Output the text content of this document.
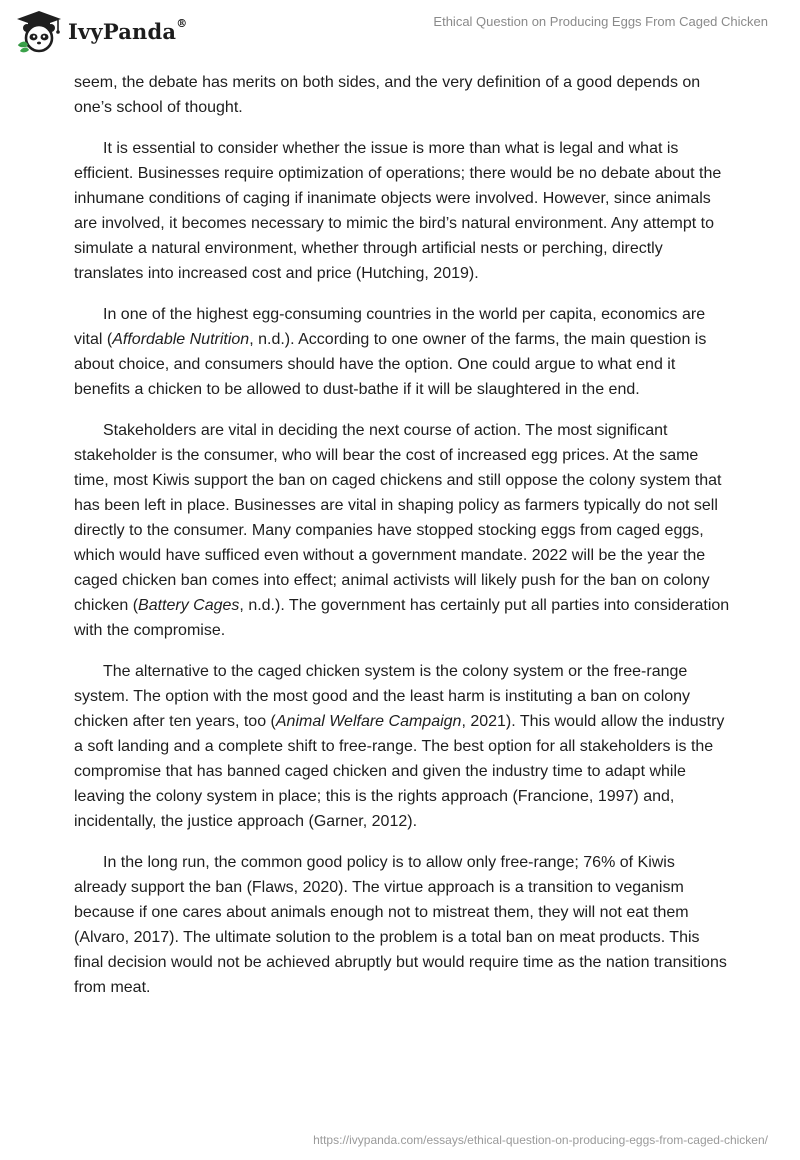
IvyPanda®	Ethical Question on Producing Eggs From Caged Chicken

seem, the debate has merits on both sides, and the very definition of a good depends on one’s school of thought.

It is essential to consider whether the issue is more than what is legal and what is efficient. Businesses require optimization of operations; there would be no debate about the inhumane conditions of caging if inanimate objects were involved. However, since animals are involved, it becomes necessary to mimic the bird’s natural environment. Any attempt to simulate a natural environment, whether through artificial nests or perching, directly translates into increased cost and price (Hutching, 2019).

In one of the highest egg-consuming countries in the world per capita, economics are vital (Affordable Nutrition, n.d.). According to one owner of the farms, the main question is about choice, and consumers should have the option. One could argue to what end it benefits a chicken to be allowed to dust-bathe if it will be slaughtered in the end.

Stakeholders are vital in deciding the next course of action. The most significant stakeholder is the consumer, who will bear the cost of increased egg prices. At the same time, most Kiwis support the ban on caged chickens and still oppose the colony system that has been left in place. Businesses are vital in shaping policy as farmers typically do not sell directly to the consumer. Many companies have stopped stocking eggs from caged eggs, which would have sufficed even without a government mandate. 2022 will be the year the caged chicken ban comes into effect; animal activists will likely push for the ban on colony chicken (Battery Cages, n.d.). The government has certainly put all parties into consideration with the compromise.

The alternative to the caged chicken system is the colony system or the free-range system. The option with the most good and the least harm is instituting a ban on colony chicken after ten years, too (Animal Welfare Campaign, 2021). This would allow the industry a soft landing and a complete shift to free-range. The best option for all stakeholders is the compromise that has banned caged chicken and given the industry time to adapt while leaving the colony system in place; this is the rights approach (Francione, 1997) and, incidentally, the justice approach (Garner, 2012).

In the long run, the common good policy is to allow only free-range; 76% of Kiwis already support the ban (Flaws, 2020). The virtue approach is a transition to veganism because if one cares about animals enough not to mistreat them, they will not eat them (Alvaro, 2017). The ultimate solution to the problem is a total ban on meat products. This final decision would not be achieved abruptly but would require time as the nation transitions from meat.

https://ivypanda.com/essays/ethical-question-on-producing-eggs-from-caged-chicken/
